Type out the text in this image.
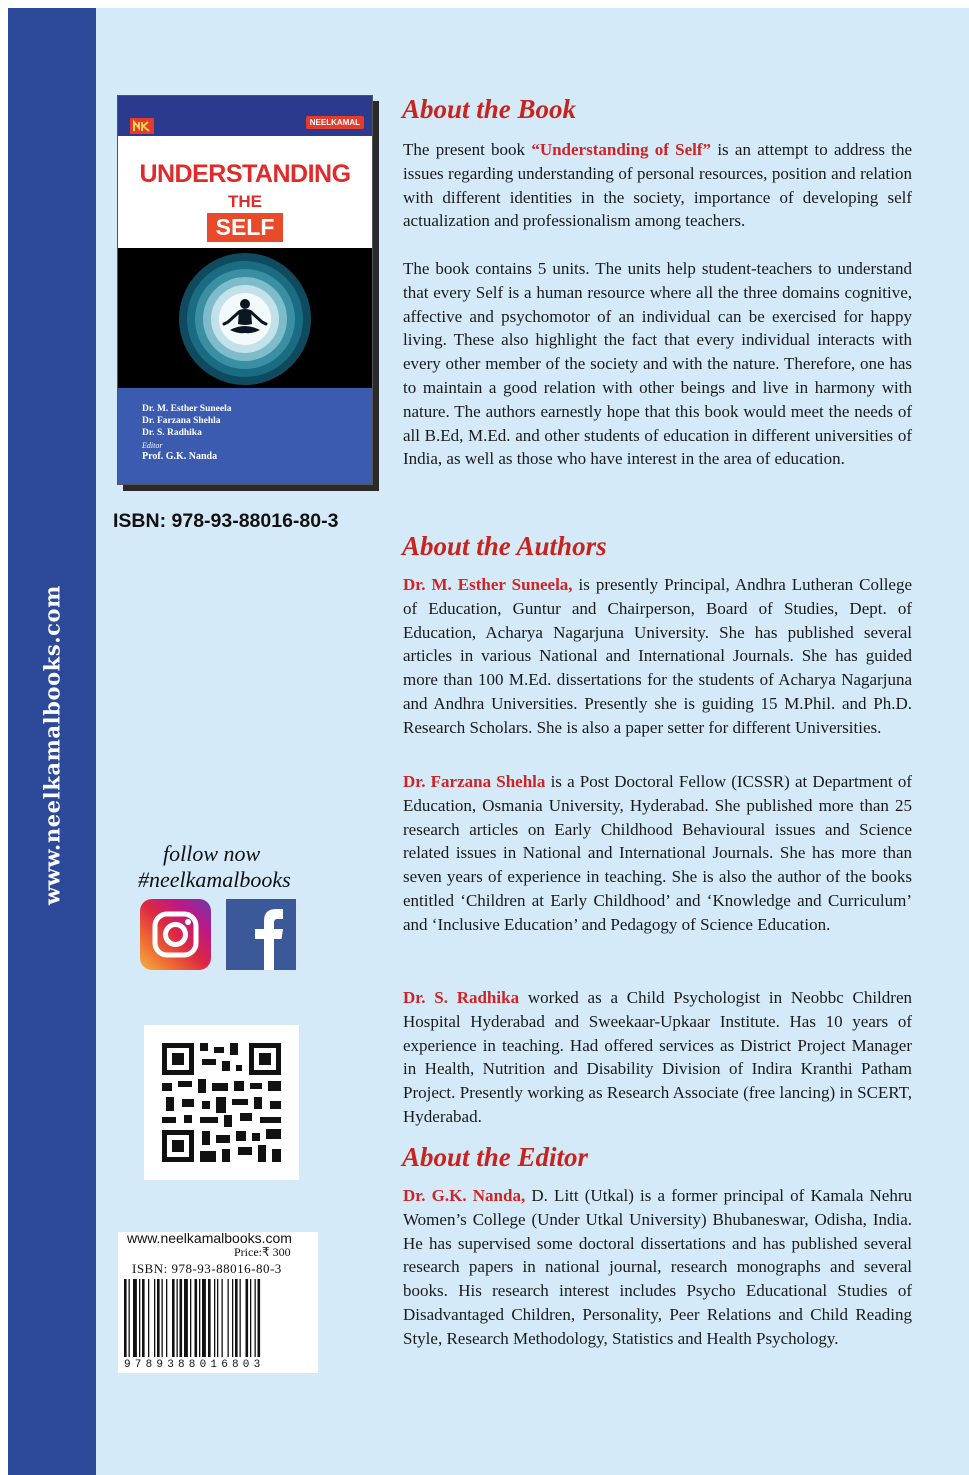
www.neelkamalbooks.com
NEELKAMAL
UNDERSTANDING
THE
SELF
Dr. M. Esther Suneela
Dr. Farzana Shehla
Dr. S. Radhika
Editor
Prof. G.K. Nanda
ISBN: 978-93-88016-80-3
follow now
#neelkamalbooks
www.neelkamalbooks.com
Price:₹ 300
ISBN: 978-93-88016-80-3
9789388016803
About the Book
The present book “Understanding of Self” is an attempt to address the issues regarding understanding of personal resources, position and relation with different identities in the society, importance of developing self actualization and professionalism among teachers.
The book contains 5 units. The units help student-teachers to understand that every Self is a human resource where all the three domains cognitive, affective and psychomotor of an individual can be exercised for happy living. These also highlight the fact that every individual interacts with every other member of the society and with the nature. Therefore, one has to maintain a good relation with other beings and live in harmony with nature. The authors earnestly hope that this book would meet the needs of all B.Ed, M.Ed. and other students of education in different universities of India, as well as those who have interest in the area of education.
About the Authors
Dr. M. Esther Suneela, is presently Principal, Andhra Lutheran College of Education, Guntur and Chairperson, Board of Studies, Dept. of Education, Acharya Nagarjuna University. She has published several articles in various National and International Journals. She has guided more than 100 M.Ed. dissertations for the students of Acharya Nagarjuna and Andhra Universities. Presently she is guiding 15 M.Phil. and Ph.D. Research Scholars. She is also a paper setter for different Universities.
Dr. Farzana Shehla is a Post Doctoral Fellow (ICSSR) at Department of Education, Osmania University, Hyderabad. She published more than 25 research articles on Early Childhood Behavioural issues and Science related issues in National and International Journals. She has more than seven years of experience in teaching. She is also the author of the books entitled ‘Children at Early Childhood’ and ‘Knowledge and Curriculum’ and ‘Inclusive Education’ and Pedagogy of Science Education.
Dr. S. Radhika worked as a Child Psychologist in Neobbc Children Hospital Hyderabad and Sweekaar-Upkaar Institute. Has 10 years of experience in teaching. Had offered services as District Project Manager in Health, Nutrition and Disability Division of Indira Kranthi Patham Project. Presently working as Research Associate (free lancing) in SCERT, Hyderabad.
About the Editor
Dr. G.K. Nanda, D. Litt (Utkal) is a former principal of Kamala Nehru Women’s College (Under Utkal University) Bhubaneswar, Odisha, India. He has supervised some doctoral dissertations and has published several research papers in national journal, research monographs and several books. His research interest includes Psycho Educational Studies of Disadvantaged Children, Personality, Peer Relations and Child Reading Style, Research Methodology, Statistics and Health Psychology.
